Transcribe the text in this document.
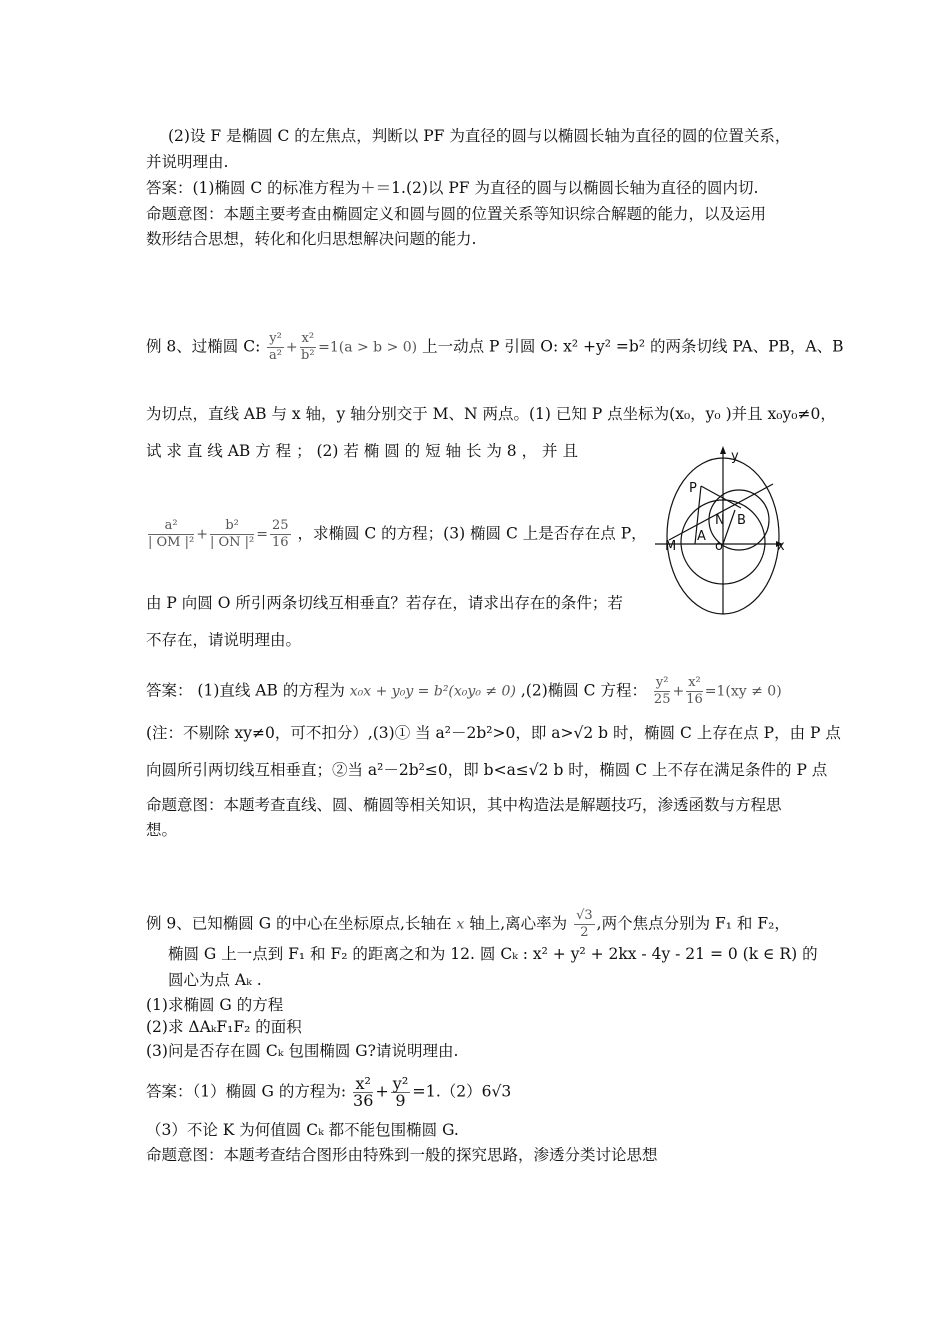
(2)设 F 是椭圆 C 的左焦点，判断以 PF 为直径的圆与以椭圆长轴为直径的圆的位置关系，
并说明理由.
答案：(1)椭圆 C 的标准方程为＋＝1.(2)以 PF 为直径的圆与以椭圆长轴为直径的圆内切.
命题意图：本题主要考查由椭圆定义和圆与圆的位置关系等知识综合解题的能力，以及运用
数形结合思想，转化和化归思想解决问题的能力.
例 8、过椭圆 C: $\frac{\text{y²}}{\text{a²}} + \frac{\text{x²}}{\text{b²}} =1(a > b > 0)$ 上一动点 P 引圆 O: x² +y² =b² 的两条切线 PA、PB，A、B
为切点，直线 AB 与 x 轴，y 轴分别交于 M、N 两点。(1) 已知 P 点坐标为(x₀，y₀ )并且 x₀y₀≠0，
试 求 直 线 AB 方 程 ； (2) 若 椭 圆 的 短 轴 长 为 8 ， 并 且
$\frac{\text{a²}}{\text{| OM |²}} + \frac{\text{b²}}{\text{| ON |²}} = \frac{25}{16}$ ，求椭圆 C 的方程；(3) 椭圆 C 上是否存在点 P，
由 P 向圆 O 所引两条切线互相垂直？若存在，请求出存在的条件；若
不存在，请说明理由。
答案： (1)直线 AB 的方程为 x₀x + y₀y = b²(x₀y₀ ≠ 0) ,(2)椭圆 C 方程： $\frac{\text{y²}}{25} + \frac{\text{x²}}{16} =1(xy \ne 0)$
(注：不剔除 xy≠0，可不扣分）,(3)① 当 a²－2b²>0，即 a>√2 b 时，椭圆 C 上存在点 P，由 P 点
向圆所引两切线互相垂直；②当 a²－2b²≤0，即 b<a≤√2 b 时，椭圆 C 上不存在满足条件的 P 点
命题意图：本题考查直线、圆、椭圆等相关知识，其中构造法是解题技巧，渗透函数与方程思
想。
y
P
N B
A
M	o	x
例 9、已知椭圆 G 的中心在坐标原点,长轴在 x 轴上,离心率为 $\frac{√3}{2}$ ,两个焦点分别为 F₁ 和 F₂，
椭圆 G 上一点到 F₁ 和 F₂ 的距离之和为 12. 圆 Cₖ : x² + y² + 2kx - 4y - 21 = 0 (k ∈ R) 的
圆心为点 Aₖ .
(1)求椭圆 G 的方程
(2)求 ΔAₖF₁F₂ 的面积
(3)问是否存在圆 Cₖ 包围椭圆 G?请说明理由.
答案：（1）椭圆 G 的方程为: $\frac{\text{x²}}{36} + \frac{\text{y²}}{9} =1.(2)6√3$
（3）不论 K 为何值圆 Cₖ 都不能包围椭圆 G.
命题意图：本题考查结合图形由特殊到一般的探究思路，渗透分类讨论思想
